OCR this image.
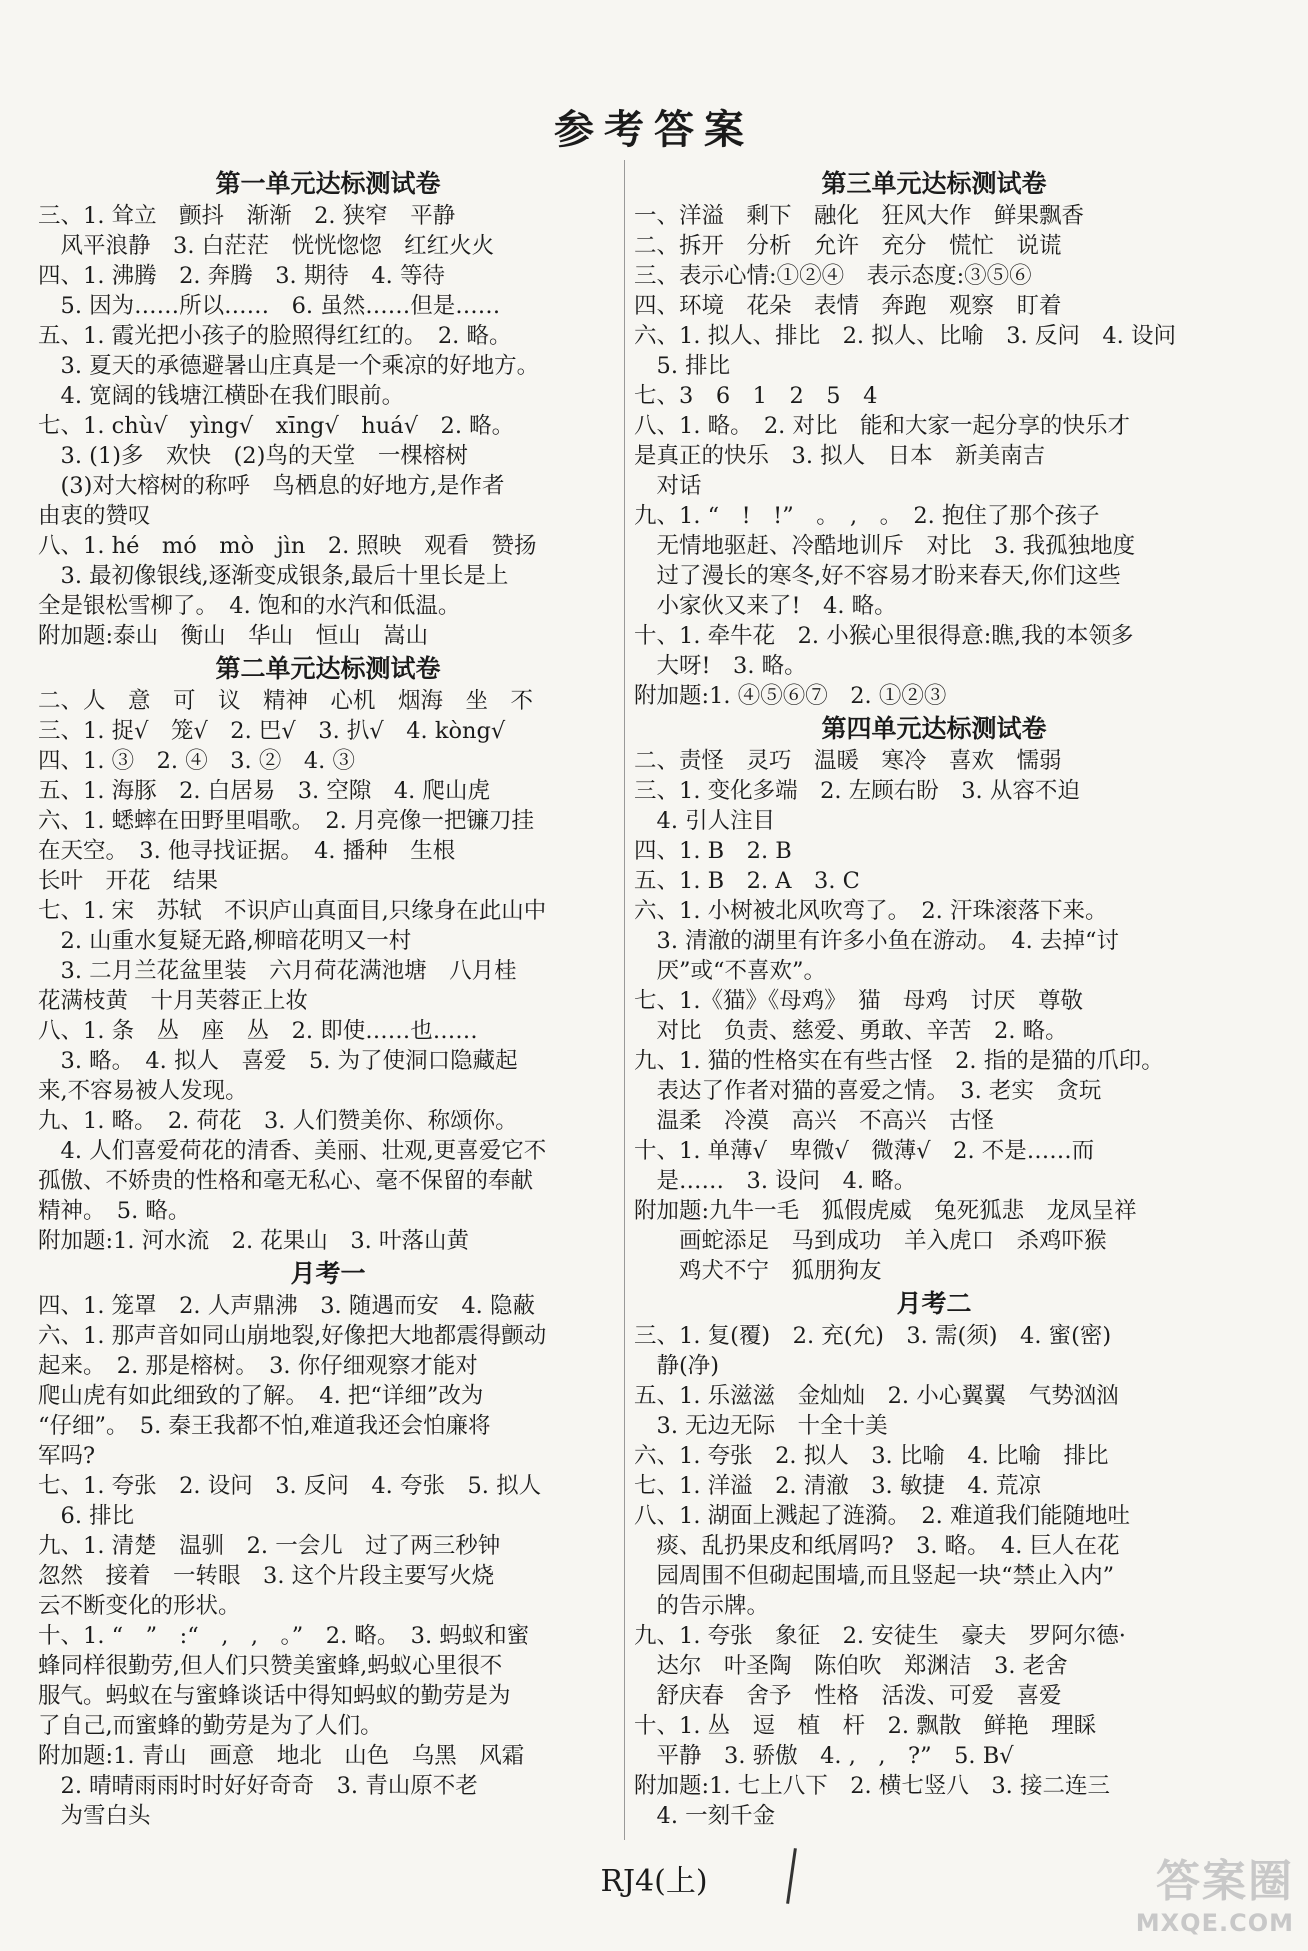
参考答案
第一单元达标测试卷
三、1. 耸立　颤抖　渐渐　2. 狭窄　平静
　风平浪静　3. 白茫茫　恍恍惚惚　红红火火
四、1. 沸腾　2. 奔腾　3. 期待　4. 等待
　5. 因为……所以……　6. 虽然……但是……
五、1. 霞光把小孩子的脸照得红红的。　2. 略。
　3. 夏天的承德避暑山庄真是一个乘凉的好地方。
　4. 宽阔的钱塘江横卧在我们眼前。
七、1. chù√　yìng√　xīng√　huá√　2. 略。
　3. (1)多　欢快　(2)鸟的天堂　一棵榕树
　(3)对大榕树的称呼　鸟栖息的好地方,是作者
由衷的赞叹
八、1. hé　mó　mò　jìn　2. 照映　观看　赞扬
　3. 最初像银线,逐渐变成银条,最后十里长是上
全是银松雪柳了。　4. 饱和的水汽和低温。
附加题:泰山　衡山　华山　恒山　嵩山
第二单元达标测试卷
二、人　意　可　议　精神　心机　烟海　坐　不
三、1. 捉√　笼√　2. 巴√　3. 扒√　4. kòng√
四、1. ③　2. ④　3. ②　4. ③
五、1. 海豚　2. 白居易　3. 空隙　4. 爬山虎
六、1. 蟋蟀在田野里唱歌。　2. 月亮像一把镰刀挂
在天空。　3. 他寻找证据。　4. 播种　生根
长叶　开花　结果
七、1. 宋　苏轼　不识庐山真面目,只缘身在此山中
　2. 山重水复疑无路,柳暗花明又一村
　3. 二月兰花盆里装　六月荷花满池塘　八月桂
花满枝黄　十月芙蓉正上妆
八、1. 条　丛　座　丛　2. 即使……也……
　3. 略。　4. 拟人　喜爱　5. 为了使洞口隐藏起
来,不容易被人发现。
九、1. 略。　2. 荷花　3. 人们赞美你、称颂你。
　4. 人们喜爱荷花的清香、美丽、壮观,更喜爱它不
孤傲、不娇贵的性格和毫无私心、毫不保留的奉献
精神。　5. 略。
附加题:1. 河水流　2. 花果山　3. 叶落山黄
月考一
四、1. 笼罩　2. 人声鼎沸　3. 随遇而安　4. 隐蔽
六、1. 那声音如同山崩地裂,好像把大地都震得颤动
起来。　2. 那是榕树。　3. 你仔细观察才能对
爬山虎有如此细致的了解。　4. 把“详细”改为
“仔细”。　5. 秦王我都不怕,难道我还会怕廉将
军吗?
七、1. 夸张　2. 设问　3. 反问　4. 夸张　5. 拟人
　6. 排比
九、1. 清楚　温驯　2. 一会儿　过了两三秒钟
忽然　接着　一转眼　3. 这个片段主要写火烧
云不断变化的形状。
十、1. “　”　:“　,　,　。”　2. 略。　3. 蚂蚁和蜜
蜂同样很勤劳,但人们只赞美蜜蜂,蚂蚁心里很不
服气。蚂蚁在与蜜蜂谈话中得知蚂蚁的勤劳是为
了自己,而蜜蜂的勤劳是为了人们。
附加题:1. 青山　画意　地北　山色　乌黑　风霜
　2. 晴晴雨雨时时好好奇奇　3. 青山原不老
　为雪白头
第三单元达标测试卷
一、洋溢　剩下　融化　狂风大作　鲜果飘香
二、拆开　分析　允许　充分　慌忙　说谎
三、表示心情:①②④　表示态度:③⑤⑥
四、环境　花朵　表情　奔跑　观察　盯着
六、1. 拟人、排比　2. 拟人、比喻　3. 反问　4. 设问
　5. 排比
七、3　6　1　2　5　4
八、1. 略。　2. 对比　能和大家一起分享的快乐才
是真正的快乐　3. 拟人　日本　新美南吉
　对话
九、1. “　!　!”　。　,　。　2. 抱住了那个孩子
　无情地驱赶、冷酷地训斥　对比　3. 我孤独地度
　过了漫长的寒冬,好不容易才盼来春天,你们这些
　小家伙又来了!　4. 略。
十、1. 牵牛花　2. 小猴心里很得意:瞧,我的本领多
　大呀!　3. 略。
附加题:1. ④⑤⑥⑦　2. ①②③
第四单元达标测试卷
二、责怪　灵巧　温暖　寒冷　喜欢　懦弱
三、1. 变化多端　2. 左顾右盼　3. 从容不迫
　4. 引人注目
四、1. B　2. B
五、1. B　2. A　3. C
六、1. 小树被北风吹弯了。　2. 汗珠滚落下来。
　3. 清澈的湖里有许多小鱼在游动。　4. 去掉“讨
　厌”或“不喜欢”。
七、1.《猫》《母鸡》　猫　母鸡　讨厌　尊敬
　对比　负责、慈爱、勇敢、辛苦　2. 略。
九、1. 猫的性格实在有些古怪　2. 指的是猫的爪印。
　表达了作者对猫的喜爱之情。　3. 老实　贪玩
　温柔　冷漠　高兴　不高兴　古怪
十、1. 单薄√　卑微√　微薄√　2. 不是……而
　是……　3. 设问　4. 略。
附加题:九牛一毛　狐假虎威　兔死狐悲　龙凤呈祥
　　画蛇添足　马到成功　羊入虎口　杀鸡吓猴
　　鸡犬不宁　狐朋狗友
月考二
三、1. 复(覆)　2. 充(允)　3. 需(须)　4. 蜜(密)
　静(净)
五、1. 乐滋滋　金灿灿　2. 小心翼翼　气势汹汹
　3. 无边无际　十全十美
六、1. 夸张　2. 拟人　3. 比喻　4. 比喻　排比
七、1. 洋溢　2. 清澈　3. 敏捷　4. 荒凉
八、1. 湖面上溅起了涟漪。　2. 难道我们能随地吐
　痰、乱扔果皮和纸屑吗?　3. 略。　4. 巨人在花
　园周围不但砌起围墙,而且竖起一块“禁止入内”
　的告示牌。
九、1. 夸张　象征　2. 安徒生　豪夫　罗阿尔德·
　达尔　叶圣陶　陈伯吹　郑渊洁　3. 老舍
　舒庆春　舍予　性格　活泼、可爱　喜爱
十、1. 丛　逗　植　杆　2. 飘散　鲜艳　理睬
　平静　3. 骄傲　4. ,　,　?”　5. B√
附加题:1. 七上八下　2. 横七竖八　3. 接二连三
　4. 一刻千金
RJ4(上)	答案圈
MXQE.COM
